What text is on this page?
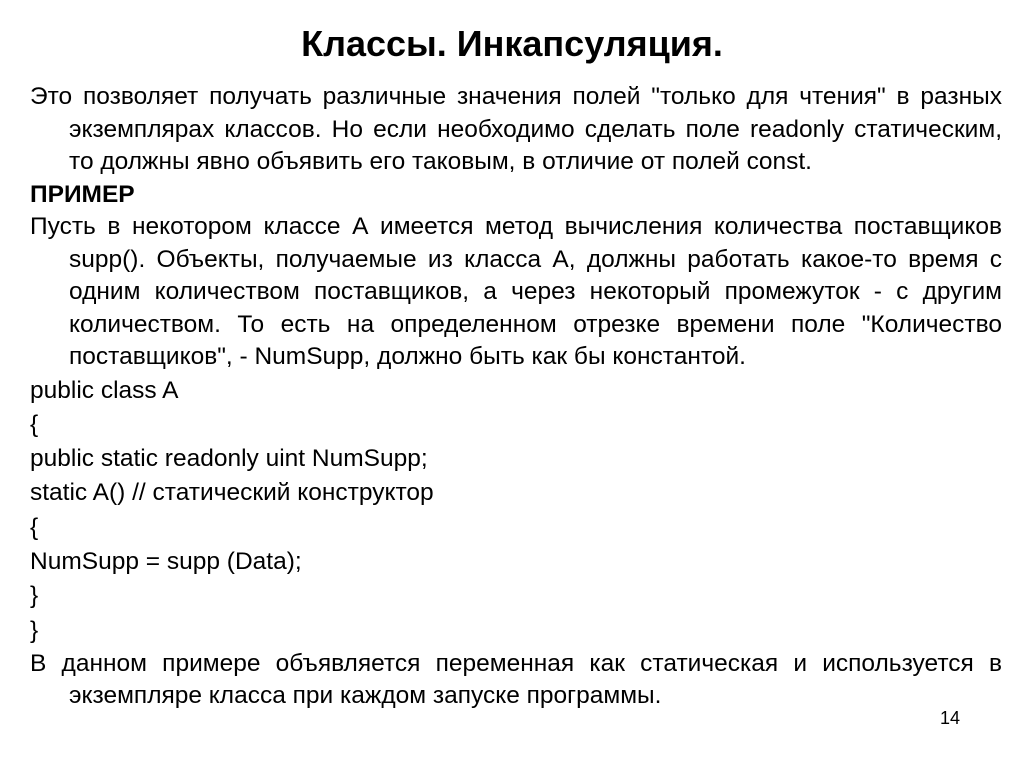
Классы. Инкапсуляция.

Это позволяет получать различные значения полей "только для чтения" в разных экземплярах классов. Но если необходимо сделать поле readonly статическим, то должны явно объявить его таковым, в отличие от полей const.

ПРИМЕР

Пусть в некотором классе А имеется метод вычисления количества поставщиков supp(). Объекты, получаемые из класса А, должны работать какое-то время с одним количеством поставщиков, а через некоторый промежуток - с другим количеством. То есть на определенном отрезке времени поле "Количество поставщиков", - NumSupp, должно быть как бы константой.

public class A

{

public static readonly uint NumSupp;

static A() // статический конструктор

{

NumSupp = supp (Data);

}

}

В данном примере объявляется переменная как статическая и используется в экземпляре класса при каждом запуске программы.

14
